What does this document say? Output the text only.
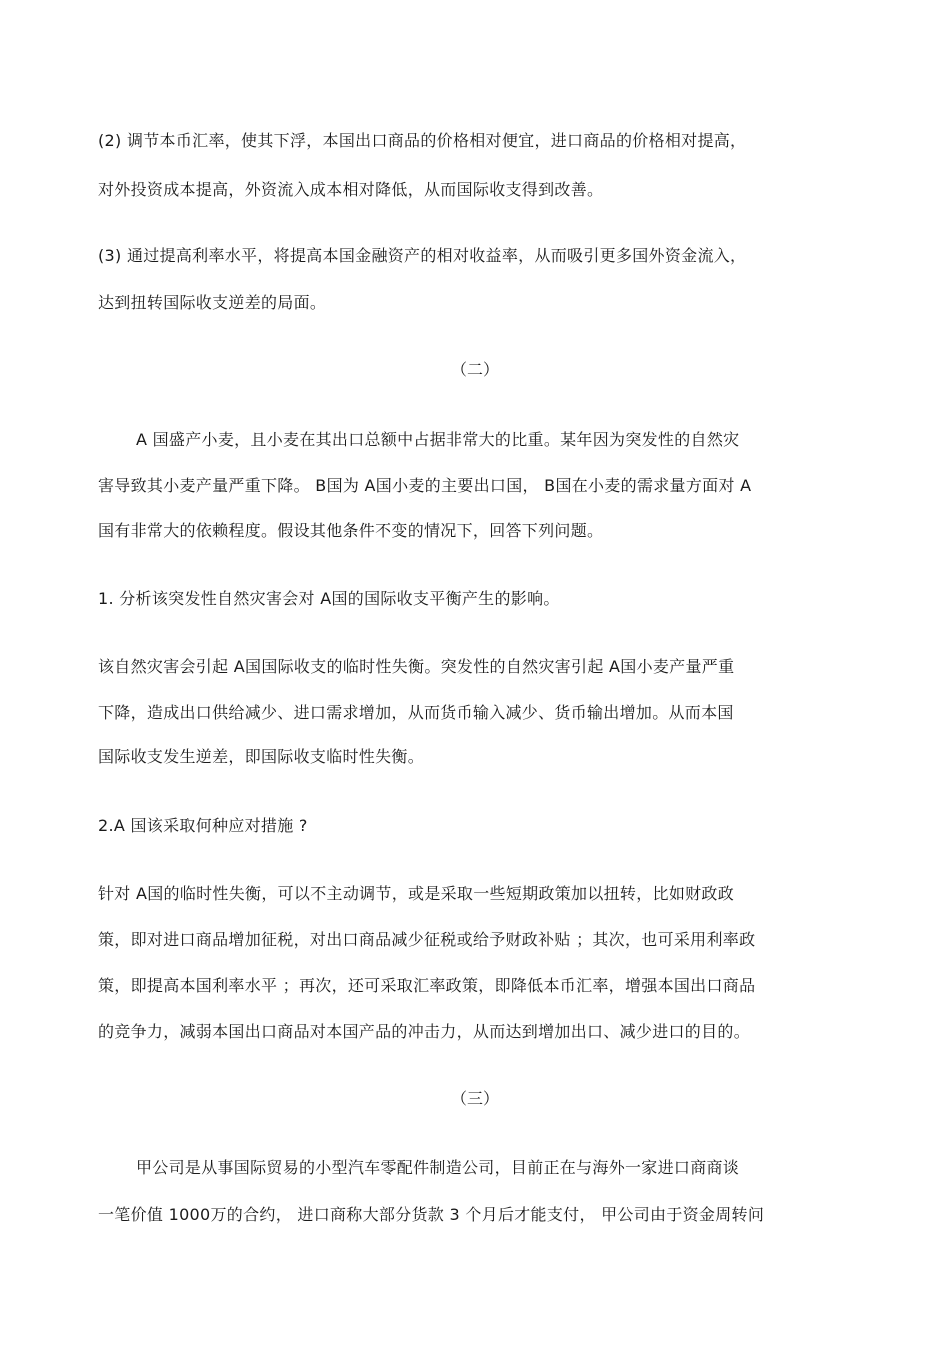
(2) 调节本币汇率，使其下浮，本国出口商品的价格相对便宜，进口商品的价格相对提高，
对外投资成本提高，外资流入成本相对降低，从而国际收支得到改善。
(3) 通过提高利率水平，将提高本国金融资产的相对收益率，从而吸引更多国外资金流入，
达到扭转国际收支逆差的局面。
（二）
A 国盛产小麦，且小麦在其出口总额中占据非常大的比重。某年因为突发性的自然灾
害导致其小麦产量严重下降。 B国为 A国小麦的主要出口国， B国在小麦的需求量方面对 A
国有非常大的依赖程度。假设其他条件不变的情况下，回答下列问题。
1. 分析该突发性自然灾害会对 A国的国际收支平衡产生的影响。
该自然灾害会引起 A国国际收支的临时性失衡。突发性的自然灾害引起 A国小麦产量严重
下降，造成出口供给减少、进口需求增加，从而货币输入减少、货币输出增加。从而本国
国际收支发生逆差，即国际收支临时性失衡。
2.A 国该采取何种应对措施 ?
针对 A国的临时性失衡，可以不主动调节，或是采取一些短期政策加以扭转，比如财政政
策，即对进口商品增加征税，对出口商品减少征税或给予财政补贴 ；其次，也可采用利率政
策，即提高本国利率水平 ；再次，还可采取汇率政策，即降低本币汇率，增强本国出口商品
的竞争力，减弱本国出口商品对本国产品的冲击力，从而达到增加出口、减少进口的目的。
（三）
甲公司是从事国际贸易的小型汽车零配件制造公司，目前正在与海外一家进口商商谈
一笔价值 1000万的合约， 进口商称大部分货款 3 个月后才能支付， 甲公司由于资金周转问
